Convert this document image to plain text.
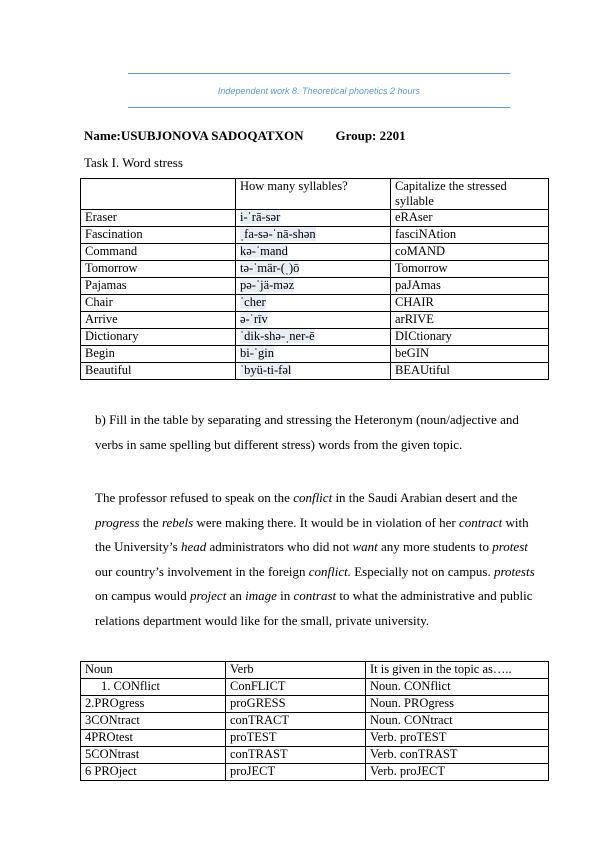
Independent work 8. Theoretical phonetics 2 hours
Name:USUBJONOVA SADOQATXON Group: 2201
Task I. Word stress
	How many syllables?	Capitalize the stressed syllable
Eraser	i-ˈrā-sər	eRAser
Fascination	ˌfa-sə-ˈnā-shən	fasciNAtion
Command	kə-ˈmand	coMAND
Tomorrow	tə-ˈmär-(ˌ)ō	Tomorrow
Pajamas	pə-ˈjä-məz	paJAmas
Chair	ˈcher	CHAIR
Arrive	ə-ˈrīv	arRIVE
Dictionary	ˈdik-shə-ˌner-ē	DICtionary
Begin	bi-ˈgin	beGIN
Beautiful	ˈbyü-ti-fəl	BEAUtiful
b) Fill in the table by separating and stressing the Heteronym (noun/adjective and verbs in same spelling but different stress) words from the given topic.
The professor refused to speak on the conflict in the Saudi Arabian desert and the progress the rebels were making there. It would be in violation of her contract with the University’s head administrators who did not want any more students to protest our country’s involvement in the foreign conflict. Especially not on campus. protests on campus would project an image in contrast to what the administrative and public relations department would like for the small, private university.
Noun	Verb	It is given in the topic as…..
1. CONflict	ConFLICT	Noun. CONflict
2.PROgress	proGRESS	Noun. PROgress
3CONtract	conTRACT	Noun. CONtract
4PROtest	proTEST	Verb. proTEST
5CONtrast	conTRAST	Verb. conTRAST
6 PROject	proJECT	Verb. proJECT
